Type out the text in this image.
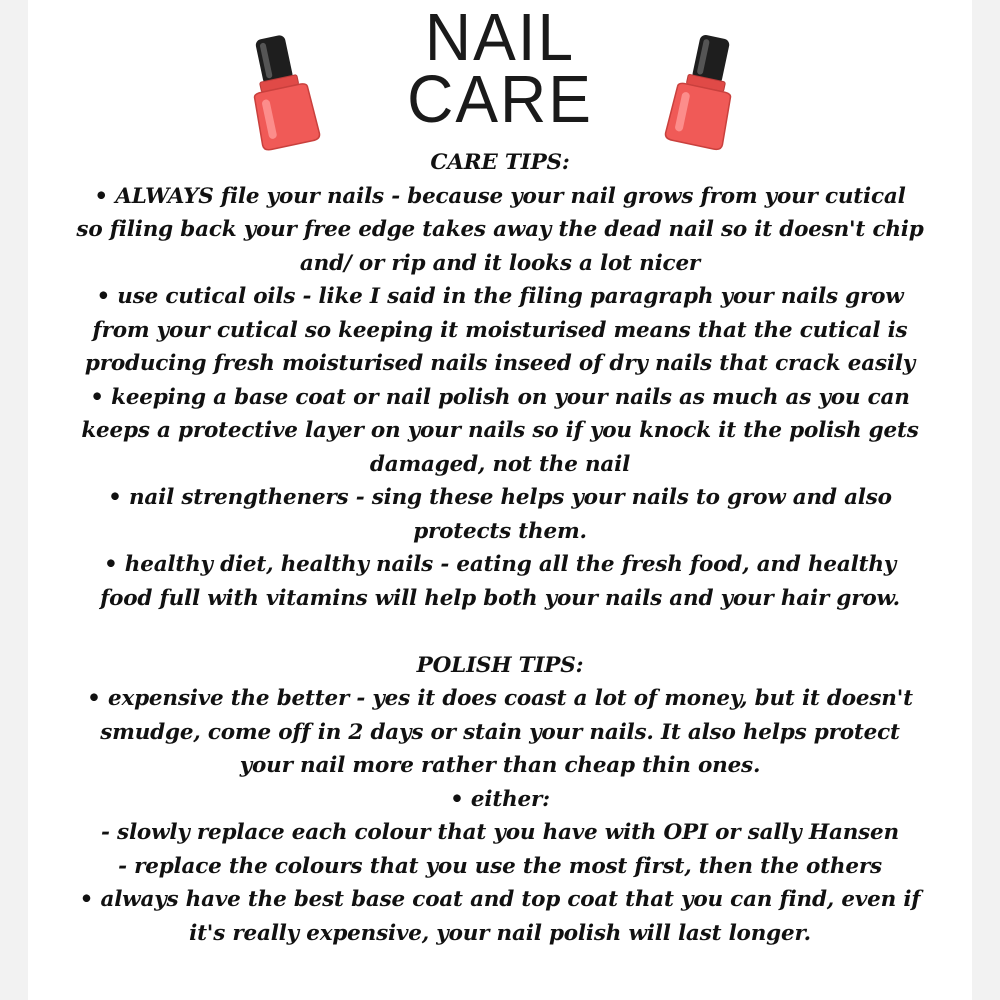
NAIL
CARE
CARE TIPS:
• ALWAYS file your nails - because your nail grows from your cutical
so filing back your free edge takes away the dead nail so it doesn't chip
and/ or rip and it looks a lot nicer
• use cutical oils - like I said in the filing paragraph your nails grow
from your cutical so keeping it moisturised means that the cutical is
producing fresh moisturised nails inseed of dry nails that crack easily
• keeping a base coat or nail polish on your nails as much as you can
keeps a protective layer on your nails so if you knock it the polish gets
damaged, not the nail
• nail strengtheners - sing these helps your nails to grow and also
protects them.
• healthy diet, healthy nails - eating all the fresh food, and healthy
food full with vitamins will help both your nails and your hair grow.
POLISH TIPS:
• expensive the better - yes it does coast a lot of money, but it doesn't
smudge, come off in 2 days or stain your nails. It also helps protect
your nail more rather than cheap thin ones.
• either:
- slowly replace each colour that you have with OPI or sally Hansen
- replace the colours that you use the most first, then the others
• always have the best base coat and top coat that you can find, even if
it's really expensive, your nail polish will last longer.
